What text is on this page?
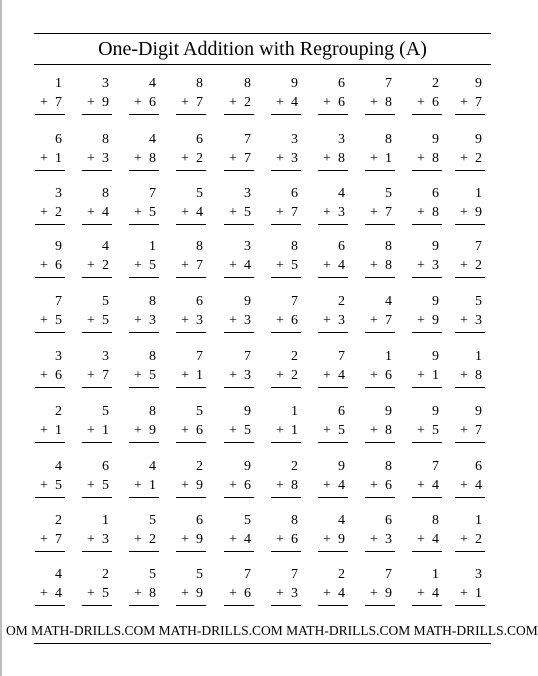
One-Digit Addition with Regrouping (A)
1
+ 7
3
+ 9
4
+ 6
8
+ 7
8
+ 2
9
+ 4
6
+ 6
7
+ 8
2
+ 6
9
+ 7
6
+ 1
8
+ 3
4
+ 8
6
+ 2
7
+ 7
3
+ 3
3
+ 8
8
+ 1
9
+ 8
9
+ 2
3
+ 2
8
+ 4
7
+ 5
5
+ 4
3
+ 5
6
+ 7
4
+ 3
5
+ 7
6
+ 8
1
+ 9
9
+ 6
4
+ 2
1
+ 5
8
+ 7
3
+ 4
8
+ 5
6
+ 4
8
+ 8
9
+ 3
7
+ 2
7
+ 5
5
+ 5
8
+ 3
6
+ 3
9
+ 3
7
+ 6
2
+ 3
4
+ 7
9
+ 9
5
+ 3
3
+ 6
3
+ 7
8
+ 5
7
+ 1
7
+ 3
2
+ 2
7
+ 4
1
+ 6
9
+ 1
1
+ 8
2
+ 1
5
+ 1
8
+ 9
5
+ 6
9
+ 5
1
+ 1
6
+ 5
9
+ 8
9
+ 5
9
+ 7
4
+ 5
6
+ 5
4
+ 1
2
+ 9
9
+ 6
2
+ 8
9
+ 4
8
+ 6
7
+ 4
6
+ 4
2
+ 7
1
+ 3
5
+ 2
6
+ 9
5
+ 4
8
+ 6
4
+ 9
6
+ 3
8
+ 4
1
+ 2
4
+ 4
2
+ 5
5
+ 8
5
+ 9
7
+ 6
7
+ 3
2
+ 4
7
+ 9
1
+ 4
3
+ 1
OM MATH-DRILLS.COM MATH-DRILLS.COM MATH-DRILLS.COM MATH-DRILLS.COM
